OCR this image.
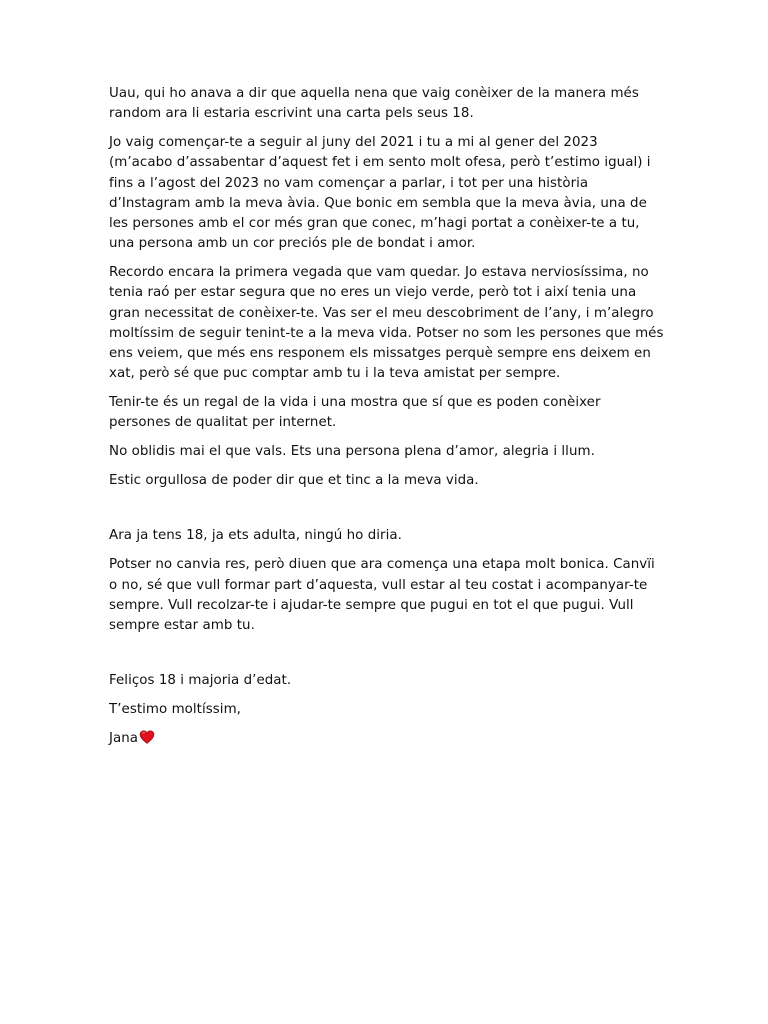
Uau, qui ho anava a dir que aquella nena que vaig conèixer de la manera més random ara li estaria escrivint una carta pels seus 18.

Jo vaig començar-te a seguir al juny del 2021 i tu a mi al gener del 2023 (m’acabo d’assabentar d’aquest fet i em sento molt ofesa, però t’estimo igual) i fins a l’agost del 2023 no vam començar a parlar, i tot per una història d’Instagram amb la meva àvia. Que bonic em sembla que la meva àvia, una de les persones amb el cor més gran que conec, m’hagi portat a conèixer-te a tu, una persona amb un cor preciós ple de bondat i amor.

Recordo encara la primera vegada que vam quedar. Jo estava nerviosíssima, no tenia raó per estar segura que no eres un viejo verde, però tot i així tenia una gran necessitat de conèixer-te. Vas ser el meu descobriment de l’any, i m’alegro moltíssim de seguir tenint-te a la meva vida. Potser no som les persones que més ens veiem, que més ens responem els missatges perquè sempre ens deixem en xat, però sé que puc comptar amb tu i la teva amistat per sempre.

Tenir-te és un regal de la vida i una mostra que sí que es poden conèixer persones de qualitat per internet.

No oblidis mai el que vals. Ets una persona plena d’amor, alegria i llum.

Estic orgullosa de poder dir que et tinc a la meva vida.

Ara ja tens 18, ja ets adulta, ningú ho diria.

Potser no canvia res, però diuen que ara comença una etapa molt bonica. Canvïi o no, sé que vull formar part d’aquesta, vull estar al teu costat i acompanyar-te sempre. Vull recolzar-te i ajudar-te sempre que pugui en tot el que pugui. Vull sempre estar amb tu.

Feliços 18 i majoria d’edat.

T’estimo moltíssim,

Jana
